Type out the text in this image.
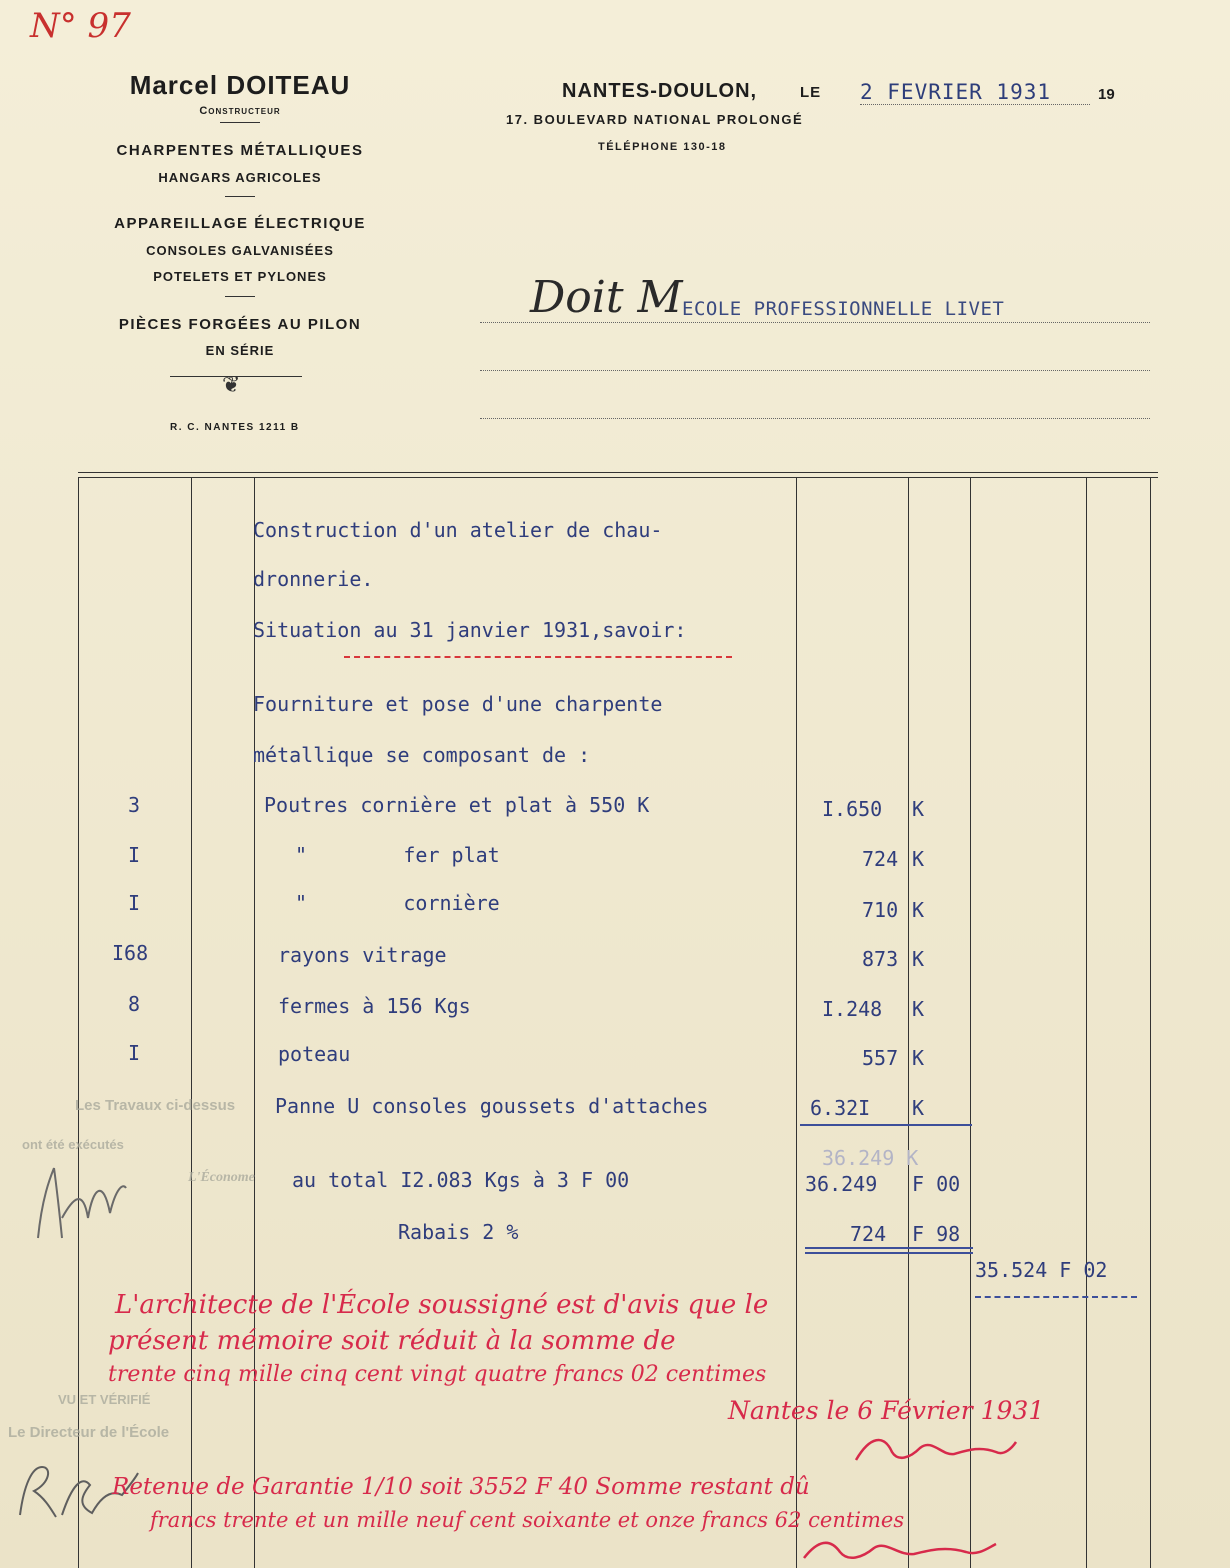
N° 97
Marcel DOITEAU
Constructeur
CHARPENTES MÉTALLIQUES
HANGARS AGRICOLES
APPAREILLAGE ÉLECTRIQUE
CONSOLES GALVANISÉES
POTELETS ET PYLONES
PIÈCES FORGÉES AU PILON
EN SÉRIE
❦
R. C. NANTES 1211 B
NANTES-DOULON,	LE 2 FEVRIER 1931	19
17. BOULEVARD NATIONAL PROLONGÉ
TÉLÉPHONE 130-18
Doit M ECOLE PROFESSIONNELLE LIVET
Construction d'un atelier de chau-
dronnerie.
Situation au 31 janvier 1931,savoir:
Fourniture et pose d'une charpente
métallique se composant de :
3	Poutres cornière et plat à 550 K	I.650 K
I	"        fer plat	724 K
I	"        cornière	710 K
I68	rayons vitrage	873 K
8	fermes à 156 Kgs	I.248 K
I	poteau	557 K
Panne U consoles goussets d'attaches	6.32I K
36.249 K
au total I2.083 Kgs à 3 F 00	36.249 F 00
Rabais 2 %	724 F 98
35.524 F 02
Les Travaux ci-dessus
ont été exécutés
L'Économe
VU ET VÉRIFIÉ
Le Directeur de l'École
L'architecte de l'École soussigné est d'avis que le
présent mémoire soit réduit à la somme de
trente cinq mille cinq cent vingt quatre francs 02 centimes
Nantes le 6 Février 1931
Retenue de Garantie 1/10 soit 3552 F 40 Somme restant dû
francs trente et un mille neuf cent soixante et onze francs 62 centimes
